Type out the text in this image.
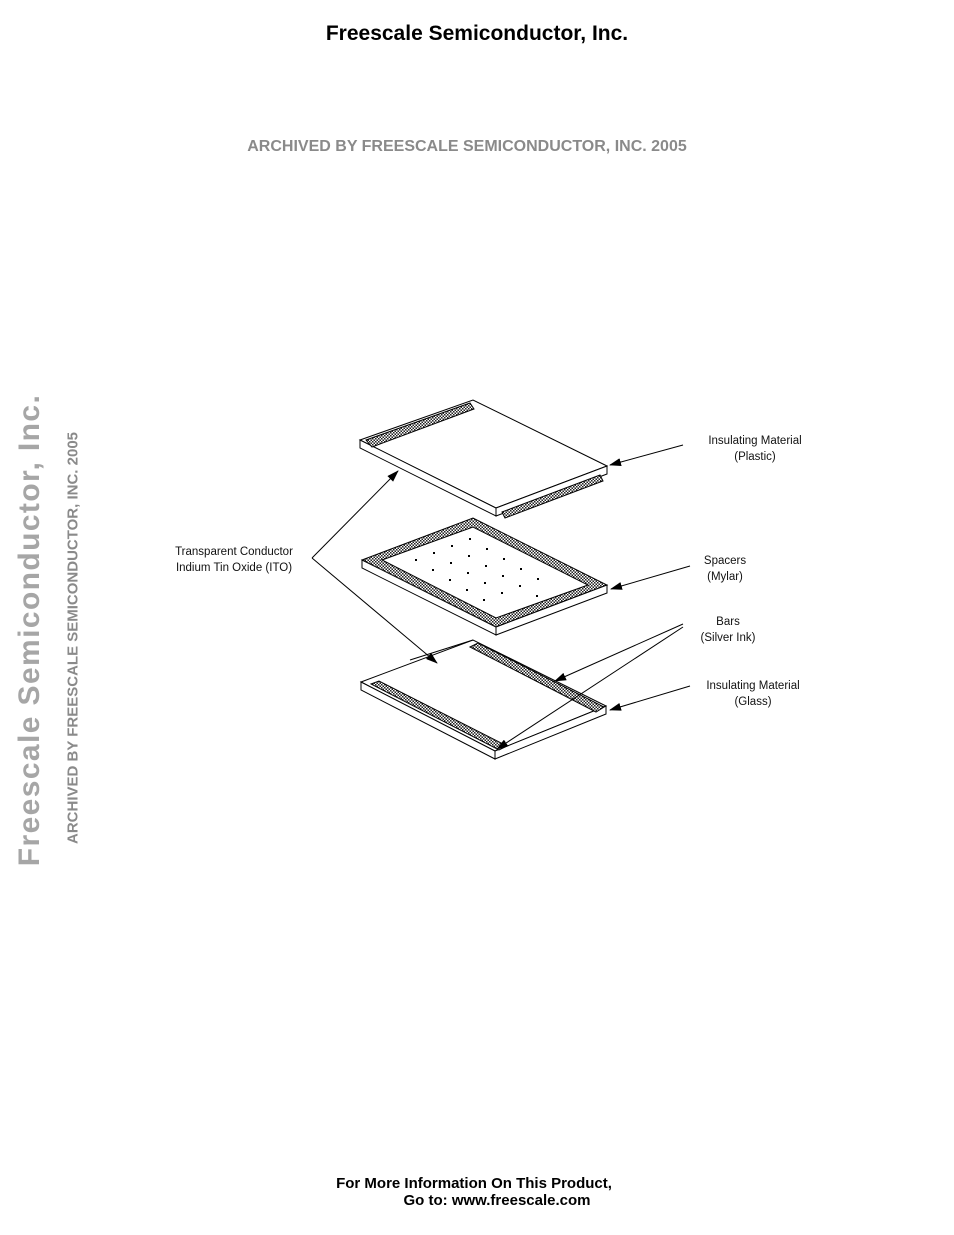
Freescale Semiconductor, Inc.
ARCHIVED BY FREESCALE SEMICONDUCTOR, INC. 2005
Freescale Semiconductor, Inc. ARCHIVED BY FREESCALE SEMICONDUCTOR, INC. 2005	Insulating Material
(Plastic)
Transparent Conductor
Indium Tin Oxide (ITO)
Spacers
(Mylar)
Bars
(Silver Ink)
Insulating Material
(Glass)
For More Information On This Product,
Go to: www.freescale.com
